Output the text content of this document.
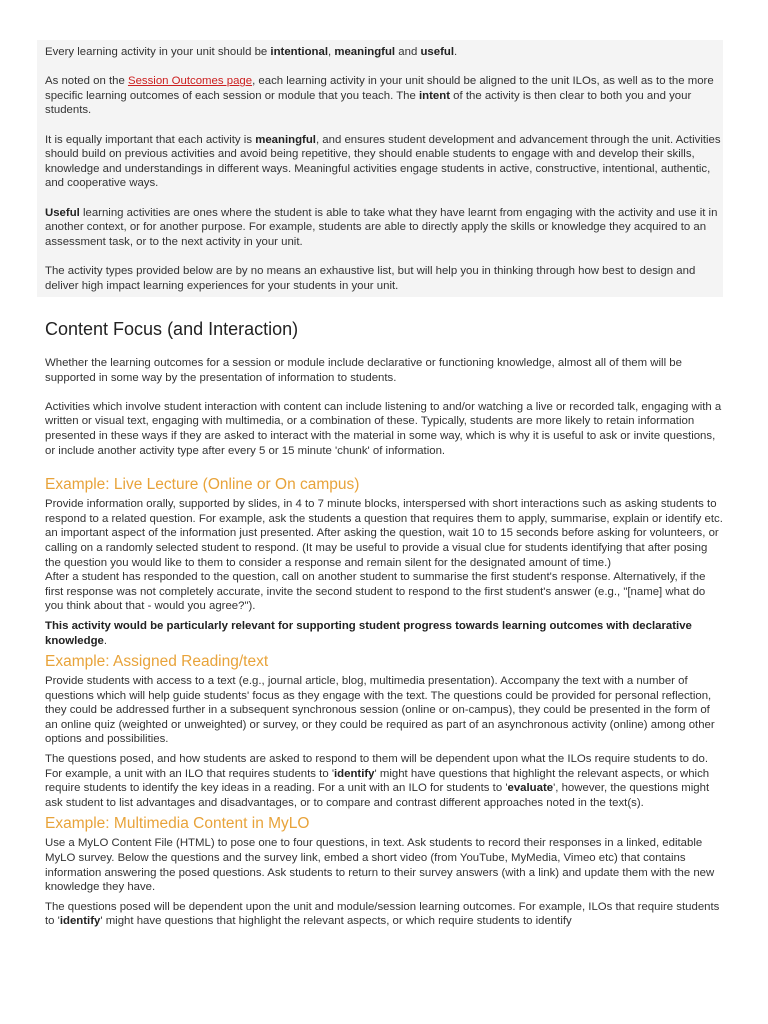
Every learning activity in your unit should be intentional, meaningful and useful.

As noted on the Session Outcomes page, each learning activity in your unit should be aligned to the unit ILOs, as well as to the more specific learning outcomes of each session or module that you teach. The intent of the activity is then clear to both you and your students.

It is equally important that each activity is meaningful, and ensures student development and advancement through the unit. Activities should build on previous activities and avoid being repetitive, they should enable students to engage with and develop their skills, knowledge and understandings in different ways. Meaningful activities engage students in active, constructive, intentional, authentic, and cooperative ways.

Useful learning activities are ones where the student is able to take what they have learnt from engaging with the activity and use it in another context, or for another purpose. For example, students are able to directly apply the skills or knowledge they acquired to an assessment task, or to the next activity in your unit.

The activity types provided below are by no means an exhaustive list, but will help you in thinking through how best to design and deliver high impact learning experiences for your students in your unit.

Content Focus (and Interaction)

Whether the learning outcomes for a session or module include declarative or functioning knowledge, almost all of them will be supported in some way by the presentation of information to students.

Activities which involve student interaction with content can include listening to and/or watching a live or recorded talk, engaging with a written or visual text, engaging with multimedia, or a combination of these. Typically, students are more likely to retain information presented in these ways if they are asked to interact with the material in some way, which is why it is useful to ask or invite questions, or include another activity type after every 5 or 15 minute 'chunk' of information.

Example: Live Lecture (Online or On campus)

Provide information orally, supported by slides, in 4 to 7 minute blocks, interspersed with short interactions such as asking students to respond to a related question. For example, ask the students a question that requires them to apply, summarise, explain or identify etc. an important aspect of the information just presented. After asking the question, wait 10 to 15 seconds before asking for volunteers, or calling on a randomly selected student to respond. (It may be useful to provide a visual clue for students identifying that after posing the question you would like to them to consider a response and remain silent for the designated amount of time.)

After a student has responded to the question, call on another student to summarise the first student's response. Alternatively, if the first response was not completely accurate, invite the second student to respond to the first student's answer (e.g., "[name] what do you think about that - would you agree?").

This activity would be particularly relevant for supporting student progress towards learning outcomes with declarative knowledge.

Example: Assigned Reading/text

Provide students with access to a text (e.g., journal article, blog, multimedia presentation). Accompany the text with a number of questions which will help guide students' focus as they engage with the text. The questions could be provided for personal reflection, they could be addressed further in a subsequent synchronous session (online or on-campus), they could be presented in the form of an online quiz (weighted or unweighted) or survey, or they could be required as part of an asynchronous activity (online) among other options and possibilities.

The questions posed, and how students are asked to respond to them will be dependent upon what the ILOs require students to do. For example, a unit with an ILO that requires students to 'identify' might have questions that highlight the relevant aspects, or which require students to identify the key ideas in a reading. For a unit with an ILO for students to 'evaluate', however, the questions might ask student to list advantages and disadvantages, or to compare and contrast different approaches noted in the text(s).

Example: Multimedia Content in MyLO

Use a MyLO Content File (HTML) to pose one to four questions, in text. Ask students to record their responses in a linked, editable MyLO survey. Below the questions and the survey link, embed a short video (from YouTube, MyMedia, Vimeo etc) that contains information answering the posed questions. Ask students to return to their survey answers (with a link) and update them with the new knowledge they have.

The questions posed will be dependent upon the unit and module/session learning outcomes. For example, ILOs that require students to 'identify' might have questions that highlight the relevant aspects, or which require students to identify
